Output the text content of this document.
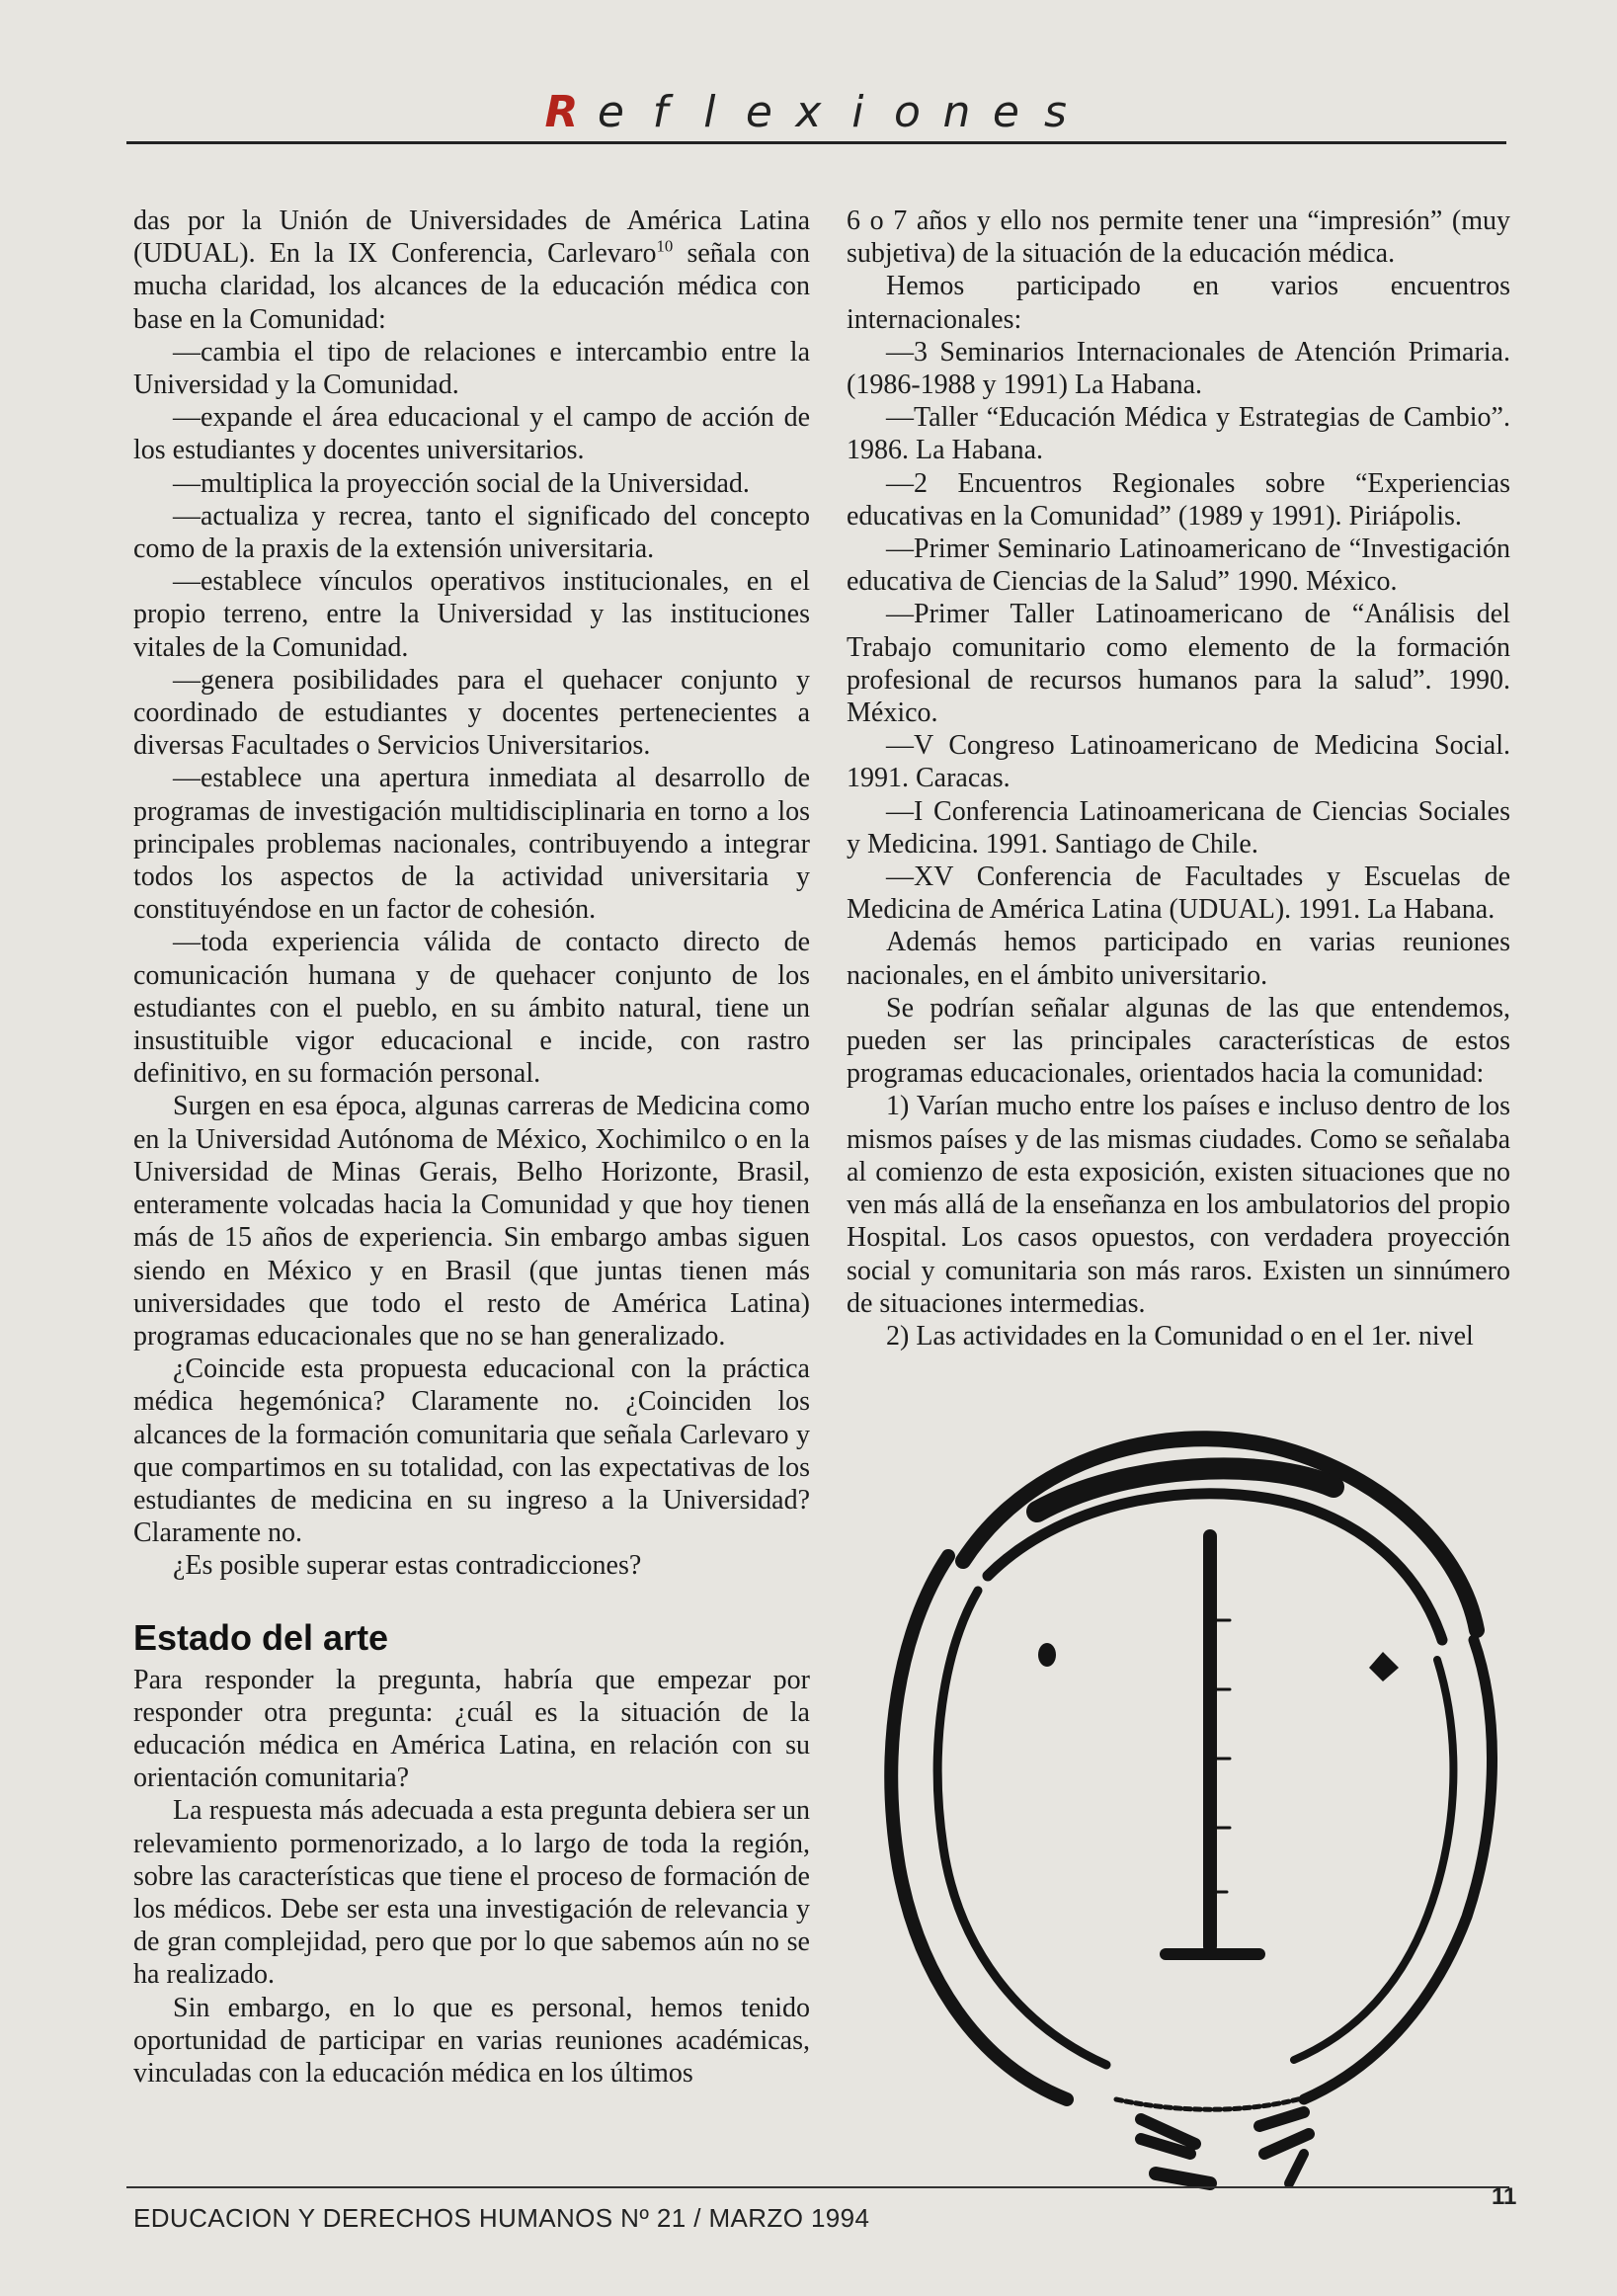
R e f l e x i o n e s

das por la Unión de Universidades de América Latina (UDUAL). En la IX Conferencia, Carlevaro$^{10}$ señala con mucha claridad, los alcances de la educación médica con base en la Comunidad:

—cambia el tipo de relaciones e intercambio entre la Universidad y la Comunidad.

—expande el área educacional y el campo de acción de los estudiantes y docentes universitarios.

—multiplica la proyección social de la Universidad.

—actualiza y recrea, tanto el significado del concepto como de la praxis de la extensión universitaria.

—establece vínculos operativos institucionales, en el propio terreno, entre la Universidad y las instituciones vitales de la Comunidad.

—genera posibilidades para el quehacer conjunto y coordinado de estudiantes y docentes pertenecientes a diversas Facultades o Servicios Universitarios.

—establece una apertura inmediata al desarrollo de programas de investigación multidisciplinaria en torno a los principales problemas nacionales, contribuyendo a integrar todos los aspectos de la actividad universitaria y constituyéndose en un factor de cohesión.

—toda experiencia válida de contacto directo de comunicación humana y de quehacer conjunto de los estudiantes con el pueblo, en su ámbito natural, tiene un insustituible vigor educacional e incide, con rastro definitivo, en su formación personal.

Surgen en esa época, algunas carreras de Medicina como en la Universidad Autónoma de México, Xochimilco o en la Universidad de Minas Gerais, Belho Horizonte, Brasil, enteramente volcadas hacia la Comunidad y que hoy tienen más de 15 años de experiencia. Sin embargo ambas siguen siendo en México y en Brasil (que juntas tienen más universidades que todo el resto de América Latina) programas educacionales que no se han generalizado.

¿Coincide esta propuesta educacional con la práctica médica hegemónica? Claramente no. ¿Coinciden los alcances de la formación comunitaria que señala Carlevaro y que compartimos en su totalidad, con las expectativas de los estudiantes de medicina en su ingreso a la Universidad? Claramente no.

¿Es posible superar estas contradicciones?

Estado del arte

Para responder la pregunta, habría que empezar por responder otra pregunta: ¿cuál es la situación de la educación médica en América Latina, en relación con su orientación comunitaria?

La respuesta más adecuada a esta pregunta debiera ser un relevamiento pormenorizado, a lo largo de toda la región, sobre las características que tiene el proceso de formación de los médicos. Debe ser esta una investigación de relevancia y de gran complejidad, pero que por lo que sabemos aún no se ha realizado.

Sin embargo, en lo que es personal, hemos tenido oportunidad de participar en varias reuniones académicas, vinculadas con la educación médica en los últimos

6 o 7 años y ello nos permite tener una “impresión” (muy subjetiva) de la situación de la educación médica.

Hemos participado en varios encuentros internacionales:

—3 Seminarios Internacionales de Atención Primaria. (1986-1988 y 1991) La Habana.

—Taller “Educación Médica y Estrategias de Cambio”. 1986. La Habana.

—2 Encuentros Regionales sobre “Experiencias educativas en la Comunidad” (1989 y 1991). Piriápolis.

—Primer Seminario Latinoamericano de “Investigación educativa de Ciencias de la Salud” 1990. México.

—Primer Taller Latinoamericano de “Análisis del Trabajo comunitario como elemento de la formación profesional de recursos humanos para la salud”. 1990. México.

—V Congreso Latinoamericano de Medicina Social. 1991. Caracas.

—I Conferencia Latinoamericana de Ciencias Sociales y Medicina. 1991. Santiago de Chile.

—XV Conferencia de Facultades y Escuelas de Medicina de América Latina (UDUAL). 1991. La Habana.

Además hemos participado en varias reuniones nacionales, en el ámbito universitario.

Se podrían señalar algunas de las que entendemos, pueden ser las principales características de estos programas educacionales, orientados hacia la comunidad:

1) Varían mucho entre los países e incluso dentro de los mismos países y de las mismas ciudades. Como se señalaba al comienzo de esta exposición, existen situaciones que no ven más allá de la enseñanza en los ambulatorios del propio Hospital. Los casos opuestos, con verdadera proyección social y comunitaria son más raros. Existen un sinnúmero de situaciones intermedias.

2) Las actividades en la Comunidad o en el 1er. nivel

EDUCACION Y DERECHOS HUMANOS Nº 21 / MARZO 1994
11
